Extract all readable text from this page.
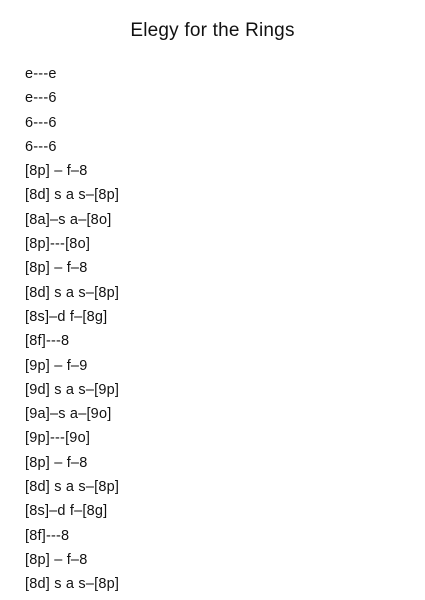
Elegy for the Rings
e---e
e---6
6---6
6---6
[8p] – f–8
[8d] s a s–[8p]
[8a]–s a–[8o]
[8p]---[8o]
[8p] – f–8
[8d] s a s–[8p]
[8s]–d f–[8g]
[8f]---8
[9p] – f–9
[9d] s a s–[9p]
[9a]–s a–[9o]
[9p]---[9o]
[8p] – f–8
[8d] s a s–[8p]
[8s]–d f–[8g]
[8f]---8
[8p] – f–8
[8d] s a s–[8p]
